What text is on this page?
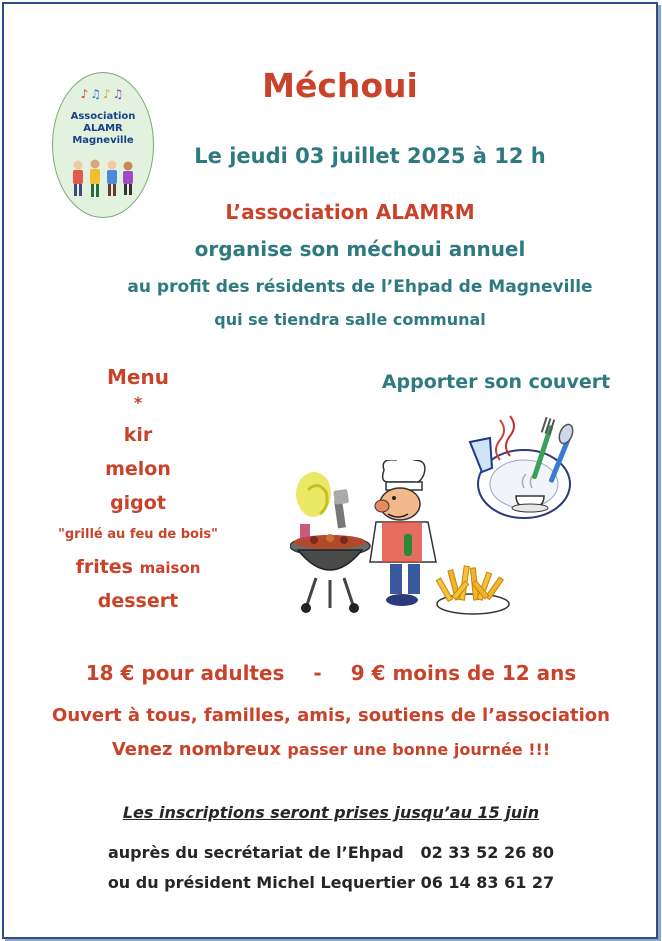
♪♫♪♫
Association
ALAMR
Magneville
Méchoui
Le jeudi 03 juillet 2025 à 12 h
L’association ALAMRM
organise son méchoui annuel
au profit des résidents de l’Ehpad de Magneville
qui se tiendra salle communal
Menu
*
kir
melon
gigot
"grillé au feu de bois"
frites maison
dessert
Apporter son couvert
18 € pour adultes - 9 € moins de 12 ans
Ouvert à tous, familles, amis, soutiens de l’association
Venez nombreux passer une bonne journée !!!
Les inscriptions seront prises jusqu’au 15 juin
auprès du secrétariat de l’Ehpad 02 33 52 26 80
ou du président Michel Lequertier 06 14 83 61 27
